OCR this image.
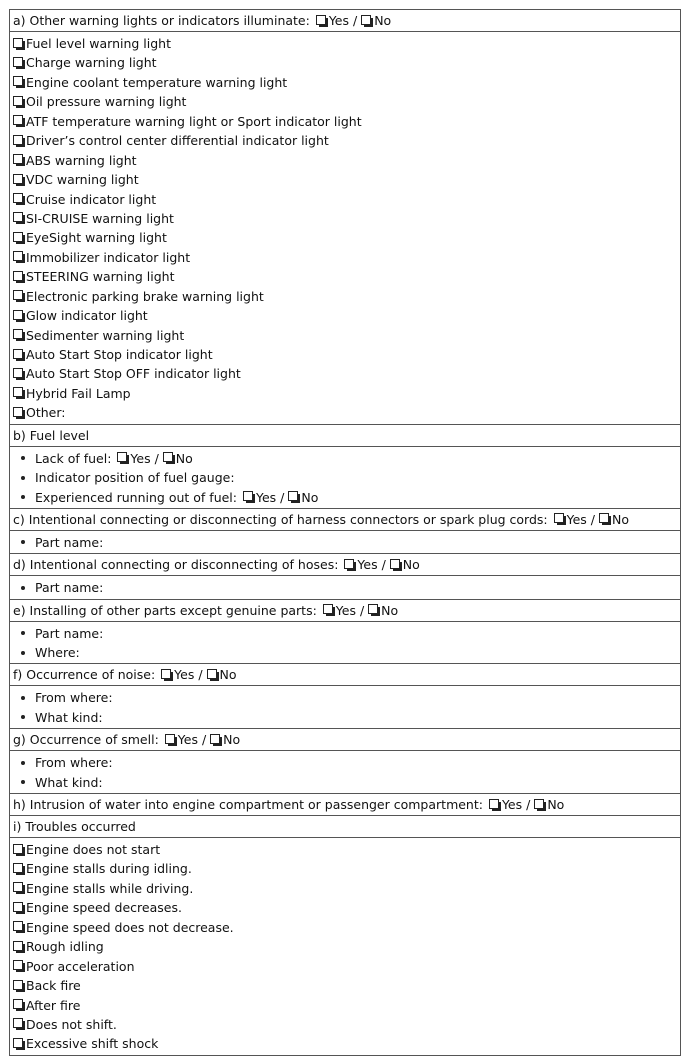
a) Other warning lights or indicators illuminate: Yes / No
Fuel level warning light
Charge warning light
Engine coolant temperature warning light
Oil pressure warning light
ATF temperature warning light or Sport indicator light
Driver’s control center differential indicator light
ABS warning light
VDC warning light
Cruise indicator light
SI-CRUISE warning light
EyeSight warning light
Immobilizer indicator light
STEERING warning light
Electronic parking brake warning light
Glow indicator light
Sedimenter warning light
Auto Start Stop indicator light
Auto Start Stop OFF indicator light
Hybrid Fail Lamp
Other:
b) Fuel level
Lack of fuel: Yes / No
Indicator position of fuel gauge:
Experienced running out of fuel: Yes / No
c) Intentional connecting or disconnecting of harness connectors or spark plug cords: Yes / No
Part name:
d) Intentional connecting or disconnecting of hoses: Yes / No
Part name:
e) Installing of other parts except genuine parts: Yes / No
Part name:
Where:
f) Occurrence of noise: Yes / No
From where:
What kind:
g) Occurrence of smell: Yes / No
From where:
What kind:
h) Intrusion of water into engine compartment or passenger compartment: Yes / No
i) Troubles occurred
Engine does not start
Engine stalls during idling.
Engine stalls while driving.
Engine speed decreases.
Engine speed does not decrease.
Rough idling
Poor acceleration
Back fire
After fire
Does not shift.
Excessive shift shock
